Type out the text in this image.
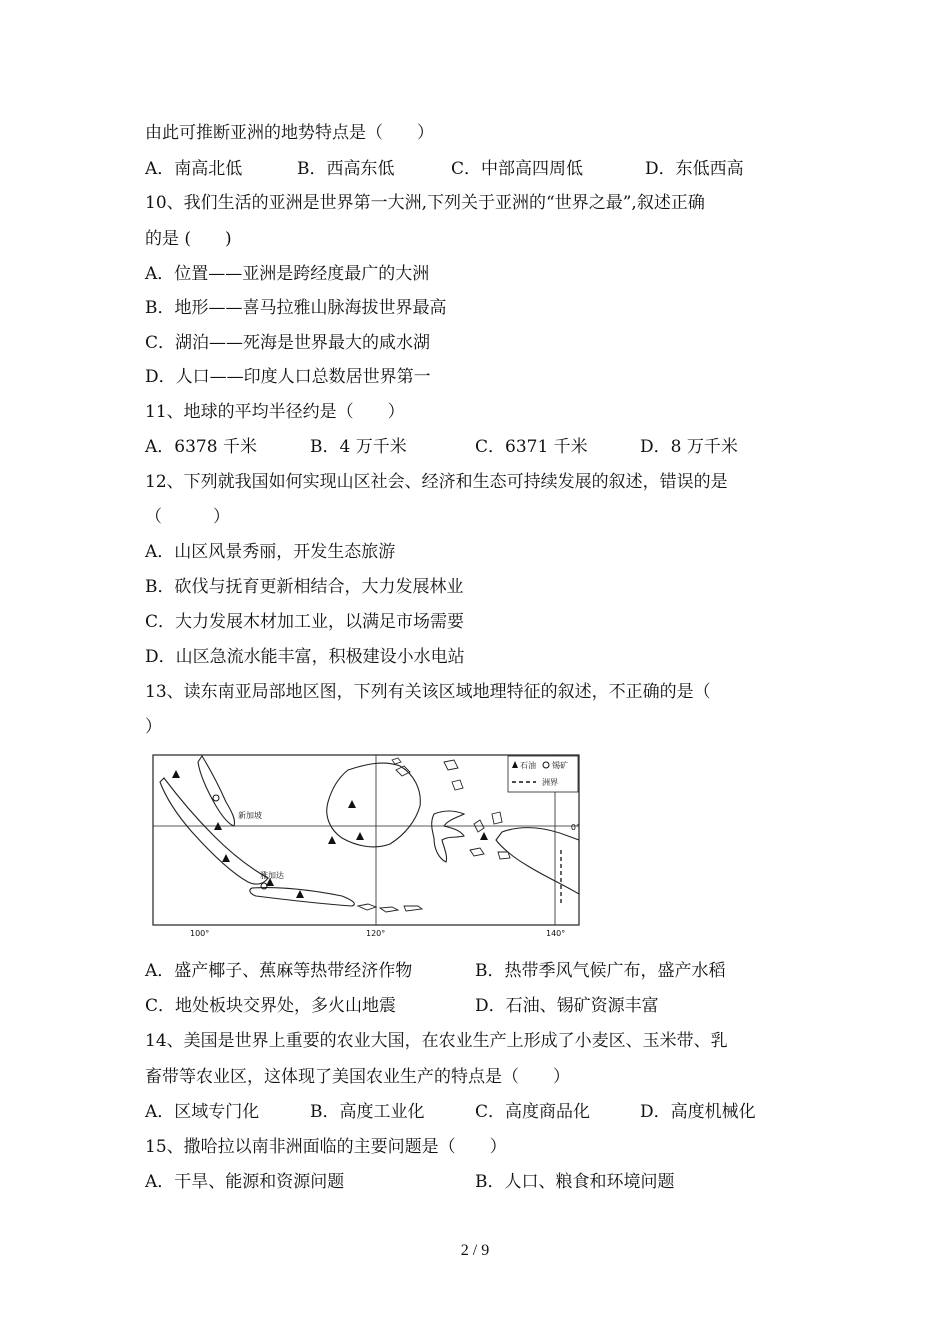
由此可推断亚洲的地势特点是（　　）
A．南高北低	B．西高东低	C．中部高四周低	D．东低西高
10、我们生活的亚洲是世界第一大洲,下列关于亚洲的“世界之最”,叙述正确
的是 (　　)
A．位置——亚洲是跨经度最广的大洲
B．地形——喜马拉雅山脉海拔世界最高
C．湖泊——死海是世界最大的咸水湖
D．人口——印度人口总数居世界第一
11、地球的平均半径约是（　　）
A．6378 千米	B．4 万千米	C．6371 千米	D．8 万千米
12、下列就我国如何实现山区社会、经济和生态可持续发展的叙述，错误的是
（　　　）
A．山区风景秀丽，开发生态旅游
B．砍伐与抚育更新相结合，大力发展林业
C．大力发展木材加工业，以满足市场需要
D．山区急流水能丰富，积极建设小水电站
13、读东南亚局部地区图，下列有关该区域地理特征的叙述，不正确的是（
）
新加坡
雅加达
0°
100°	120°	140°
石油 锡矿
洲界
A．盛产椰子、蕉麻等热带经济作物	B．热带季风气候广布，盛产水稻
C．地处板块交界处，多火山地震	D．石油、锡矿资源丰富
14、美国是世界上重要的农业大国，在农业生产上形成了小麦区、玉米带、乳
畜带等农业区，这体现了美国农业生产的特点是（　　）
A．区域专门化	B．高度工业化	C．高度商品化	D．高度机械化
15、撒哈拉以南非洲面临的主要问题是（　　）
A．干旱、能源和资源问题	B．人口、粮食和环境问题
2 / 9
